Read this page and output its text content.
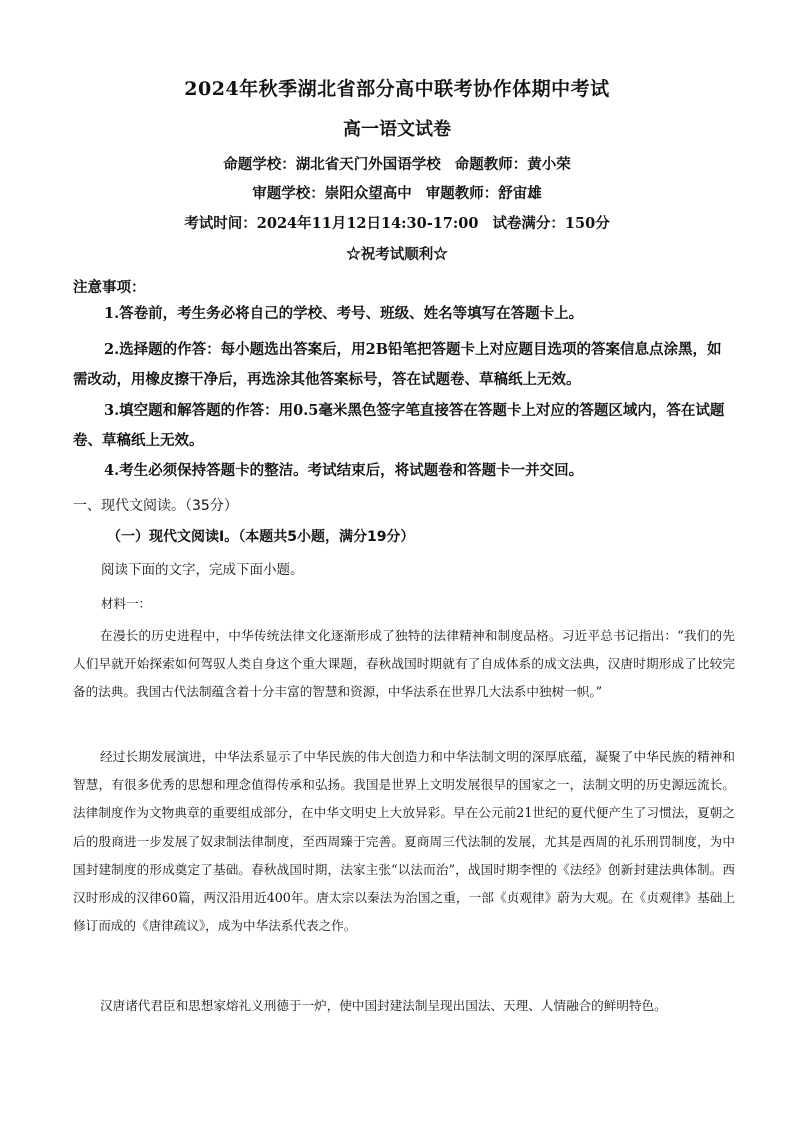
2024年秋季湖北省部分高中联考协作体期中考试
高一语文试卷
命题学校：湖北省天门外国语学校 命题教师：黄小荣
审题学校：崇阳众望高中 审题教师：舒宙雄
考试时间：2024年11月12日14:30-17:00 试卷满分：150分
☆祝考试顺利☆
注意事项：
1.答卷前，考生务必将自己的学校、考号、班级、姓名等填写在答题卡上。
2.选择题的作答：每小题选出答案后，用2B铅笔把答题卡上对应题目选项的答案信息点涂黑，如需改动，用橡皮擦干净后，再选涂其他答案标号，答在试题卷、草稿纸上无效。
3.填空题和解答题的作答：用0.5毫米黑色签字笔直接答在答题卡上对应的答题区域内，答在试题卷、草稿纸上无效。
4.考生必须保持答题卡的整洁。考试结束后，将试题卷和答题卡一并交回。
一、现代文阅读。（35分）
（一）现代文阅读Ⅰ。（本题共5小题，满分19分）
阅读下面的文字，完成下面小题。
材料一：
在漫长的历史进程中，中华传统法律文化逐渐形成了独特的法律精神和制度品格。习近平总书记指出：“我们的先人们早就开始探索如何驾驭人类自身这个重大课题，春秋战国时期就有了自成体系的成文法典，汉唐时期形成了比较完备的法典。我国古代法制蕴含着十分丰富的智慧和资源，中华法系在世界几大法系中独树一帜。”
经过长期发展演进，中华法系显示了中华民族的伟大创造力和中华法制文明的深厚底蕴，凝聚了中华民族的精神和智慧，有很多优秀的思想和理念值得传承和弘扬。我国是世界上文明发展很早的国家之一，法制文明的历史源远流长。法律制度作为文物典章的重要组成部分，在中华文明史上大放异彩。早在公元前21世纪的夏代便产生了习惯法，夏朝之后的殷商进一步发展了奴隶制法律制度，至西周臻于完善。夏商周三代法制的发展，尤其是西周的礼乐刑罚制度，为中国封建制度的形成奠定了基础。春秋战国时期，法家主张“以法而治”，战国时期李悝的《法经》创新封建法典体制。西汉时形成的汉律60篇，两汉沿用近400年。唐太宗以秦法为治国之重，一部《贞观律》蔚为大观。在《贞观律》基础上修订而成的《唐律疏议》，成为中华法系代表之作。
汉唐诸代君臣和思想家熔礼义刑德于一炉，使中国封建法制呈现出国法、天理、人情融合的鲜明特色。
